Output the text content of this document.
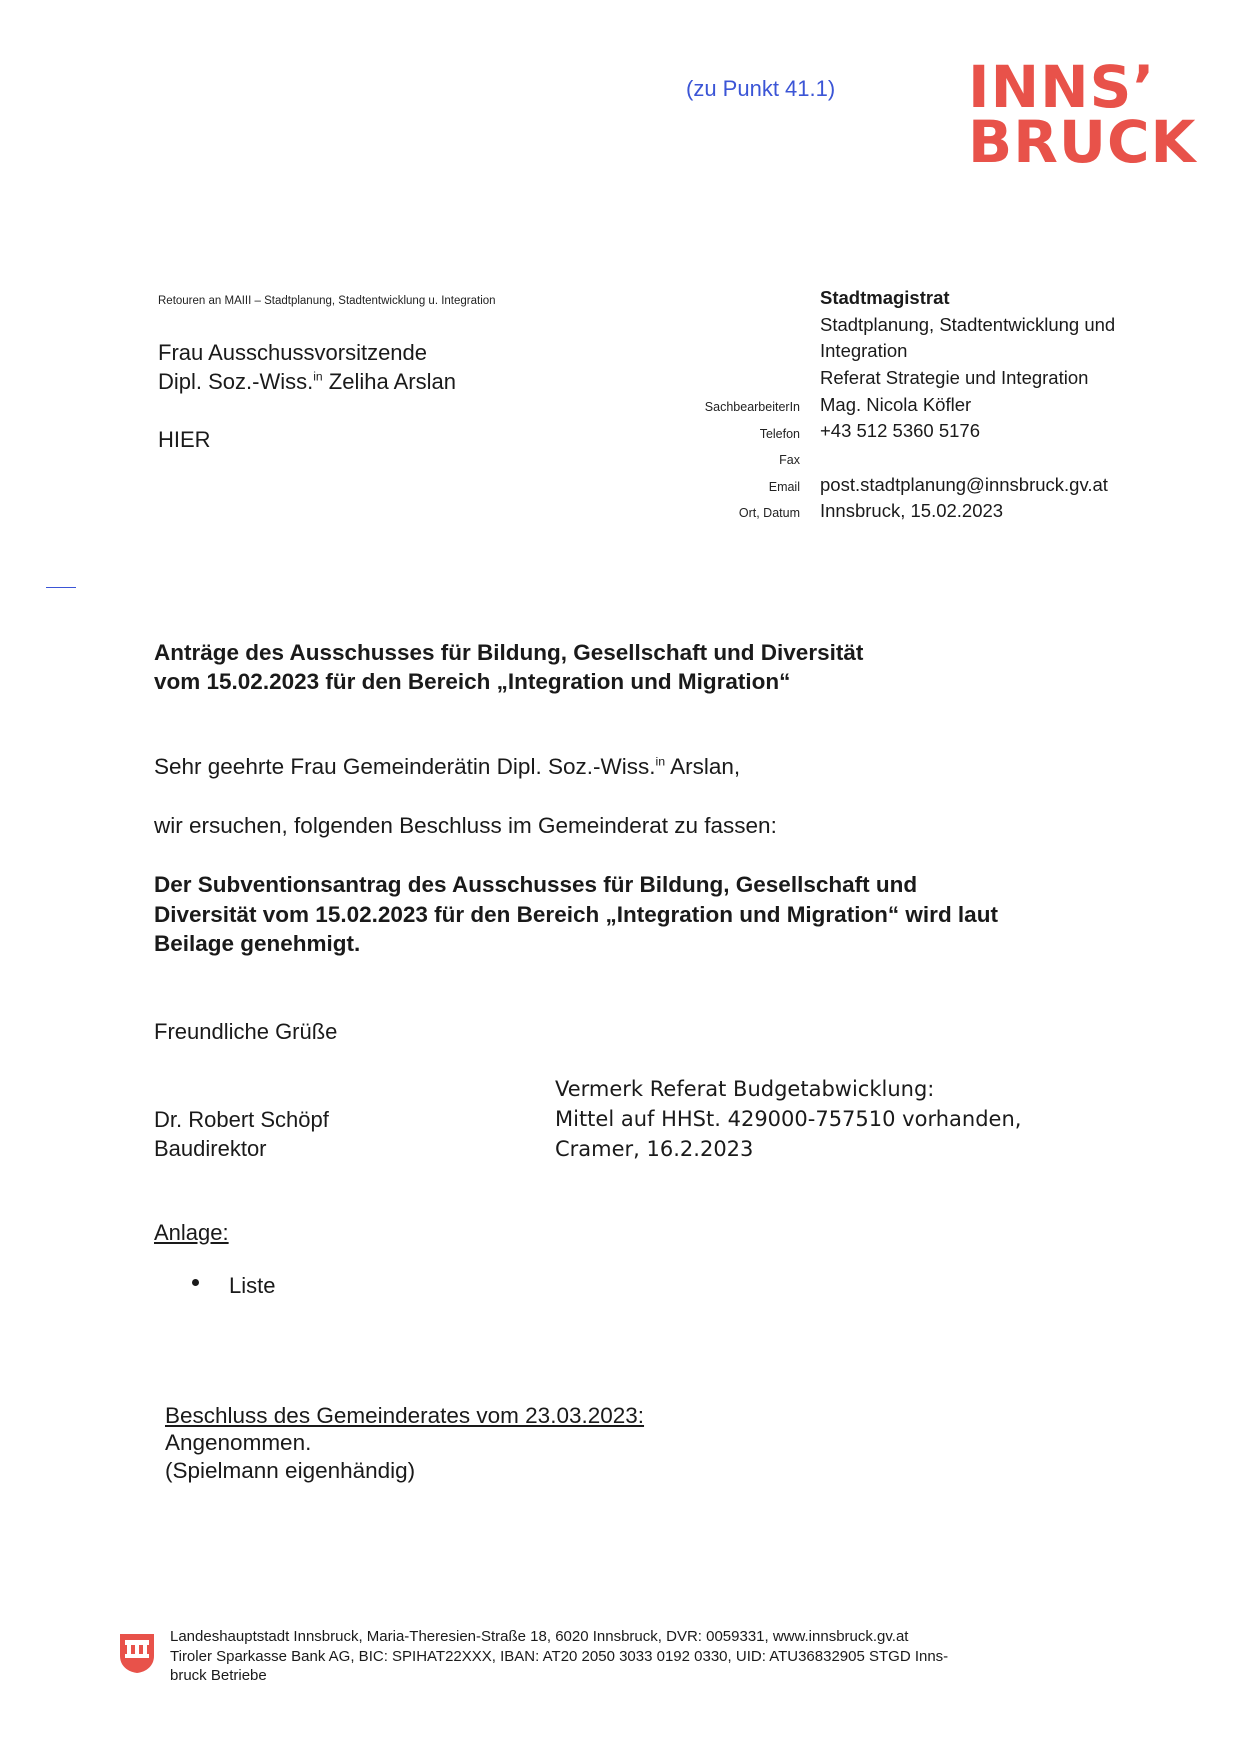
(zu Punkt 41.1) INNS’
BRUCK
Retouren an MAIII – Stadtplanung, Stadtentwicklung u. Integration
Frau Ausschussvorsitzende
Dipl. Soz.-Wiss.$^{in}$ Zeliha Arslan
HIER
Stadtmagistrat
Stadtplanung, Stadtentwicklung und
Integration
Referat Strategie und Integration
SachbearbeiterIn Mag. Nicola Köfler
Telefon +43 512 5360 5176
Fax
Email post.stadtplanung@innsbruck.gv.at
Ort, Datum Innsbruck, 15.02.2023
Anträge des Ausschusses für Bildung, Gesellschaft und Diversität
vom 15.02.2023 für den Bereich „Integration und Migration“
Sehr geehrte Frau Gemeinderätin Dipl. Soz.-Wiss.$^{in}$ Arslan,
wir ersuchen, folgenden Beschluss im Gemeinderat zu fassen:
Der Subventionsantrag des Ausschusses für Bildung, Gesellschaft und
Diversität vom 15.02.2023 für den Bereich „Integration und Migration“ wird laut
Beilage genehmigt.
Freundliche Grüße
Dr. Robert Schöpf
Baudirektor
Vermerk Referat Budgetabwicklung:
Mittel auf HHSt. 429000-757510 vorhanden,
Cramer, 16.2.2023
Anlage:
Liste
Beschluss des Gemeinderates vom 23.03.2023:
Angenommen.
(Spielmann eigenhändig)
Landeshauptstadt Innsbruck, Maria-Theresien-Straße 18, 6020 Innsbruck, DVR: 0059331, www.innsbruck.gv.at
Tiroler Sparkasse Bank AG, BIC: SPIHAT22XXX, IBAN: AT20 2050 3033 0192 0330, UID: ATU36832905 STGD Inns-
bruck Betriebe
